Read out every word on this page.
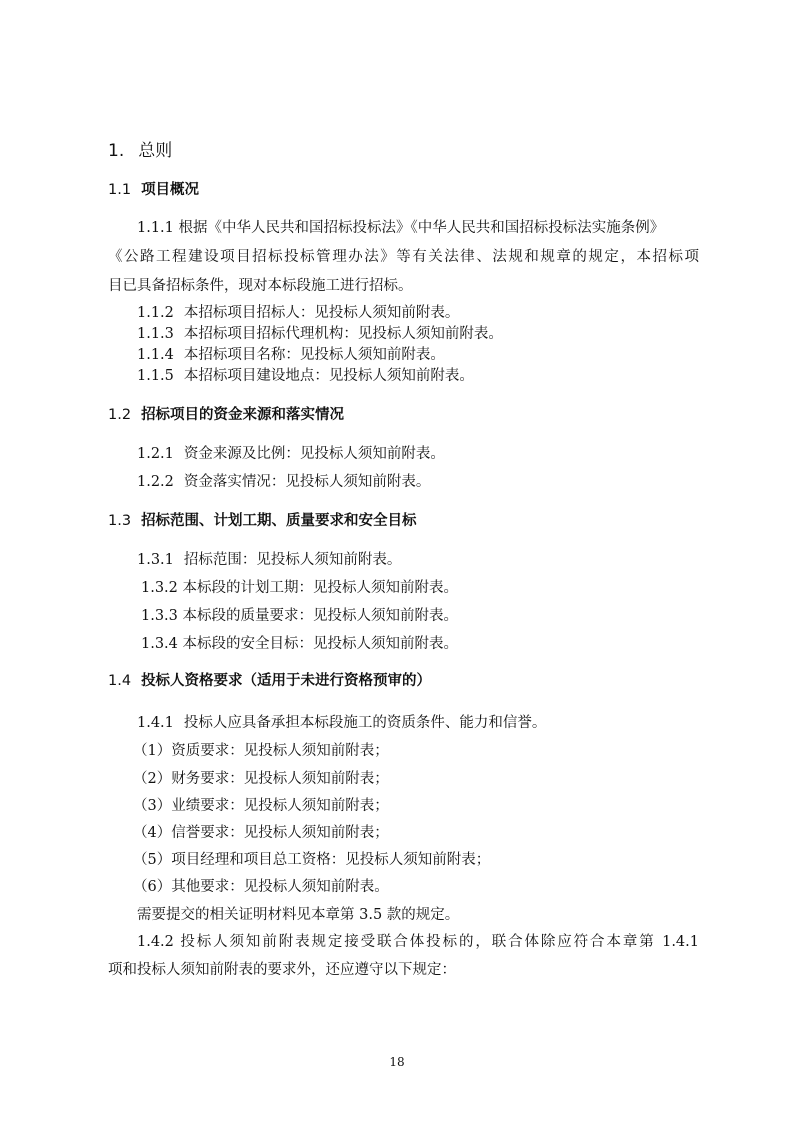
1. 总则
1.1 项目概况
1.1.1 根据《中华人民共和国招标投标法》《中华人民共和国招标投标法实施条例》
《公路工程建设项目招标投标管理办法》等有关法律、法规和规章的规定，本招标项
目已具备招标条件，现对本标段施工进行招标。
1.1.2 本招标项目招标人：见投标人须知前附表。
1.1.3 本招标项目招标代理机构：见投标人须知前附表。
1.1.4 本招标项目名称：见投标人须知前附表。
1.1.5 本招标项目建设地点：见投标人须知前附表。
1.2 招标项目的资金来源和落实情况
1.2.1 资金来源及比例：见投标人须知前附表。
1.2.2 资金落实情况：见投标人须知前附表。
1.3 招标范围、计划工期、质量要求和安全目标
1.3.1 招标范围：见投标人须知前附表。
1.3.2 本标段的计划工期：见投标人须知前附表。
1.3.3 本标段的质量要求：见投标人须知前附表。
1.3.4 本标段的安全目标：见投标人须知前附表。
1.4 投标人资格要求（适用于未进行资格预审的）
1.4.1 投标人应具备承担本标段施工的资质条件、能力和信誉。
（1）资质要求：见投标人须知前附表；
（2）财务要求：见投标人须知前附表；
（3）业绩要求：见投标人须知前附表；
（4）信誉要求：见投标人须知前附表；
（5）项目经理和项目总工资格：见投标人须知前附表；
（6）其他要求：见投标人须知前附表。
需要提交的相关证明材料见本章第 3.5 款的规定。
1.4.2 投标人须知前附表规定接受联合体投标的，联合体除应符合本章第 1.4.1
项和投标人须知前附表的要求外，还应遵守以下规定：
18
